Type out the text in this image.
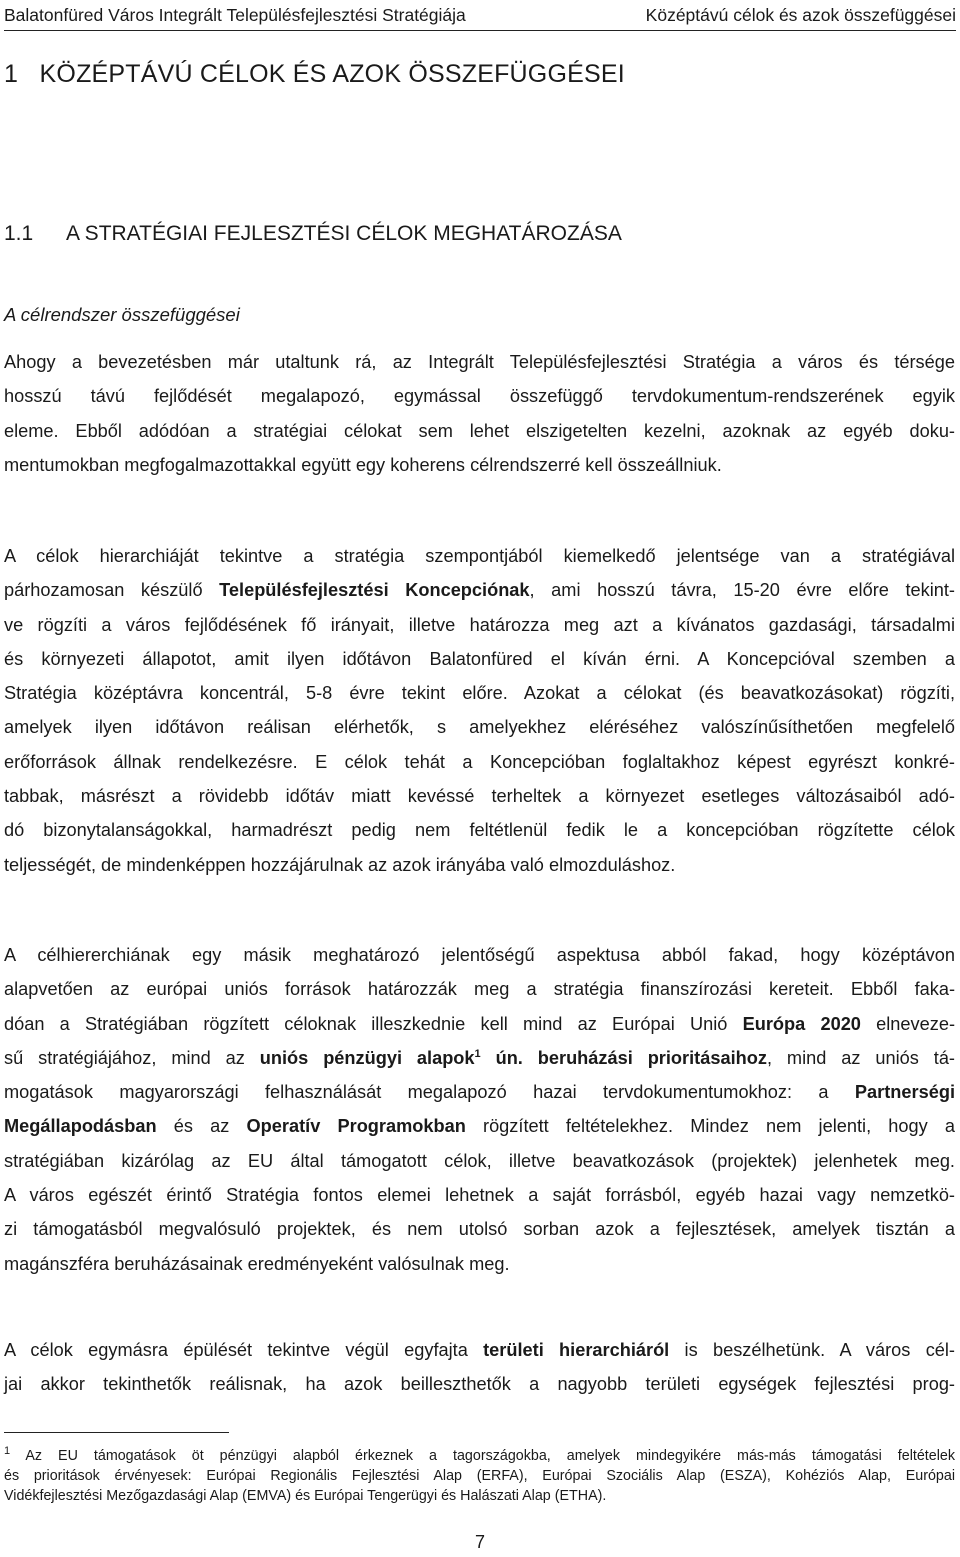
Balatonfüred Város Integrált Településfejlesztési Stratégiája	Középtávú célok és azok összefüggései
1 KÖZÉPTÁVÚ CÉLOK ÉS AZOK ÖSSZEFÜGGÉSEI
1.1 A STRATÉGIAI FEJLESZTÉSI CÉLOK MEGHATÁROZÁSA
A célrendszer összefüggései
Ahogy a bevezetésben már utaltunk rá, az Integrált Településfejlesztési Stratégia a város és térsége
hosszú távú fejlődését megalapozó, egymással összefüggő tervdokumentum-rendszerének egyik
eleme. Ebből adódóan a stratégiai célokat sem lehet elszigetelten kezelni, azoknak az egyéb doku-
mentumokban megfogalmazottakkal együtt egy koherens célrendszerré kell összeállniuk.
A célok hierarchiáját tekintve a stratégia szempontjából kiemelkedő jelentsége van a stratégiával
párhozamosan készülő Településfejlesztési Koncepciónak, ami hosszú távra, 15-20 évre előre tekint-
ve rögzíti a város fejlődésének fő irányait, illetve határozza meg azt a kívánatos gazdasági, társadalmi
és környezeti állapotot, amit ilyen időtávon Balatonfüred el kíván érni. A Koncepcióval szemben a
Stratégia középtávra koncentrál, 5-8 évre tekint előre. Azokat a célokat (és beavatkozásokat) rögzíti,
amelyek ilyen időtávon reálisan elérhetők, s amelyekhez eléréséhez valószínűsíthetően megfelelő
erőforrások állnak rendelkezésre. E célok tehát a Koncepcióban foglaltakhoz képest egyrészt konkré-
tabbak, másrészt a rövidebb időtáv miatt kevéssé terheltek a környezet esetleges változásaiból adó-
dó bizonytalanságokkal, harmadrészt pedig nem feltétlenül fedik le a koncepcióban rögzítette célok
teljességét, de mindenképpen hozzájárulnak az azok irányába való elmozduláshoz.
A célhiererchiának egy másik meghatározó jelentőségű aspektusa abból fakad, hogy középtávon
alapvetően az európai uniós források határozzák meg a stratégia finanszírozási kereteit. Ebből faka-
dóan a Stratégiában rögzített céloknak illeszkednie kell mind az Európai Unió Európa 2020 elneveze-
sű stratégiájához, mind az uniós pénzügyi alapok$^1$ ún. beruházási prioritásaihoz, mind az uniós tá-
mogatások magyarországi felhasználását megalapozó hazai tervdokumentumokhoz: a Partnerségi
Megállapodásban és az Operatív Programokban rögzített feltételekhez. Mindez nem jelenti, hogy a
stratégiában kizárólag az EU által támogatott célok, illetve beavatkozások (projektek) jelenhetek meg.
A város egészét érintő Stratégia fontos elemei lehetnek a saját forrásból, egyéb hazai vagy nemzetkö-
zi támogatásból megvalósuló projektek, és nem utolsó sorban azok a fejlesztések, amelyek tisztán a
magánszféra beruházásainak eredményeként valósulnak meg.
A célok egymásra épülését tekintve végül egyfajta területi hierarchiáról is beszélhetünk. A város cél-
jai akkor tekinthetők reálisnak, ha azok beilleszthetők a nagyobb területi egységek fejlesztési prog-
$^1$ Az EU támogatások öt pénzügyi alapból érkeznek a tagországokba, amelyek mindegyikére más-más támogatási feltételek
és prioritások érvényesek: Európai Regionális Fejlesztési Alap (ERFA), Európai Szociális Alap (ESZA), Kohéziós Alap, Európai
Vidékfejlesztési Mezőgazdasági Alap (EMVA) és Európai Tengerügyi és Halászati Alap (ETHA).
7
